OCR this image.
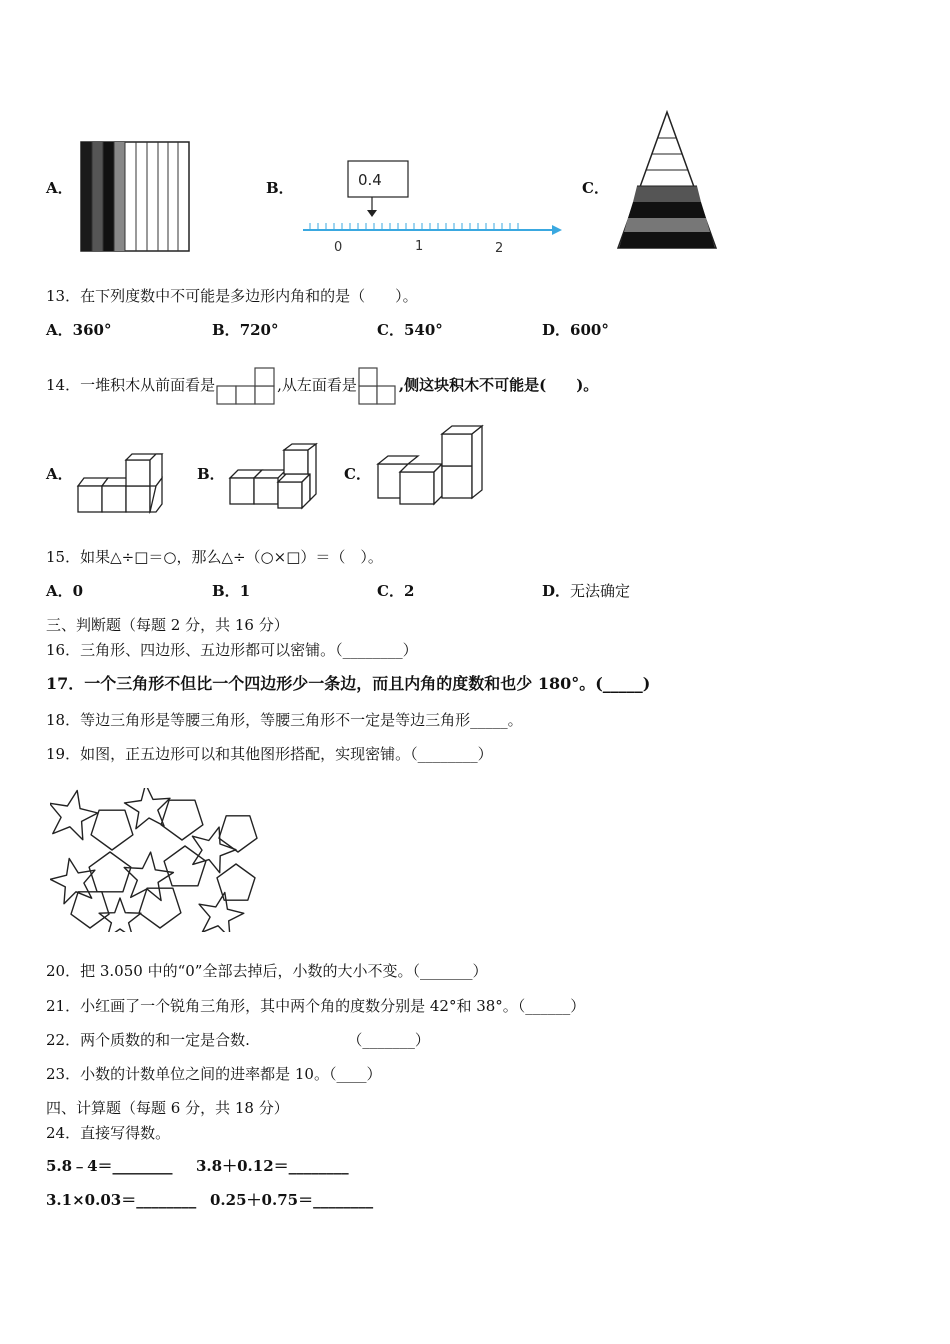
A．	B．	0.4
0	1	2
C．
13．在下列度数中不可能是多边形内角和的是（　　）。
A．360°	B．720°	C．540°	D．600°
14．一堆积木从前面看是	,从左面看是	,侧这块积木不可能是(　　)。
A．	B．	C．
15．如果△÷□＝○，那么△÷（○×□）＝（　）。
A．0	B．1	C．2	D．无法确定
三、判断题（每题 2 分，共 16 分）
16．三角形、四边形、五边形都可以密铺。（________）
17．一个三角形不但比一个四边形少一条边，而且内角的度数和也少 180°。(_____)
18．等边三角形是等腰三角形，等腰三角形不一定是等边三角形_____。
19．如图，正五边形可以和其他图形搭配，实现密铺。（________）
20．把 3.050 中的“0”全部去掉后，小数的大小不变。（_______）
21．小红画了一个锐角三角形，其中两个角的度数分别是 42°和 38°。（______）
22．两个质数的和一定是合数.　　　　　　　（_______）
23．小数的计数单位之间的进率都是 10。（____）
四、计算题（每题 6 分，共 18 分）
24．直接写得数。
5.8﹣4＝________ 3.8＋0.12＝________
3.1×0.03＝________ 0.25＋0.75＝________
